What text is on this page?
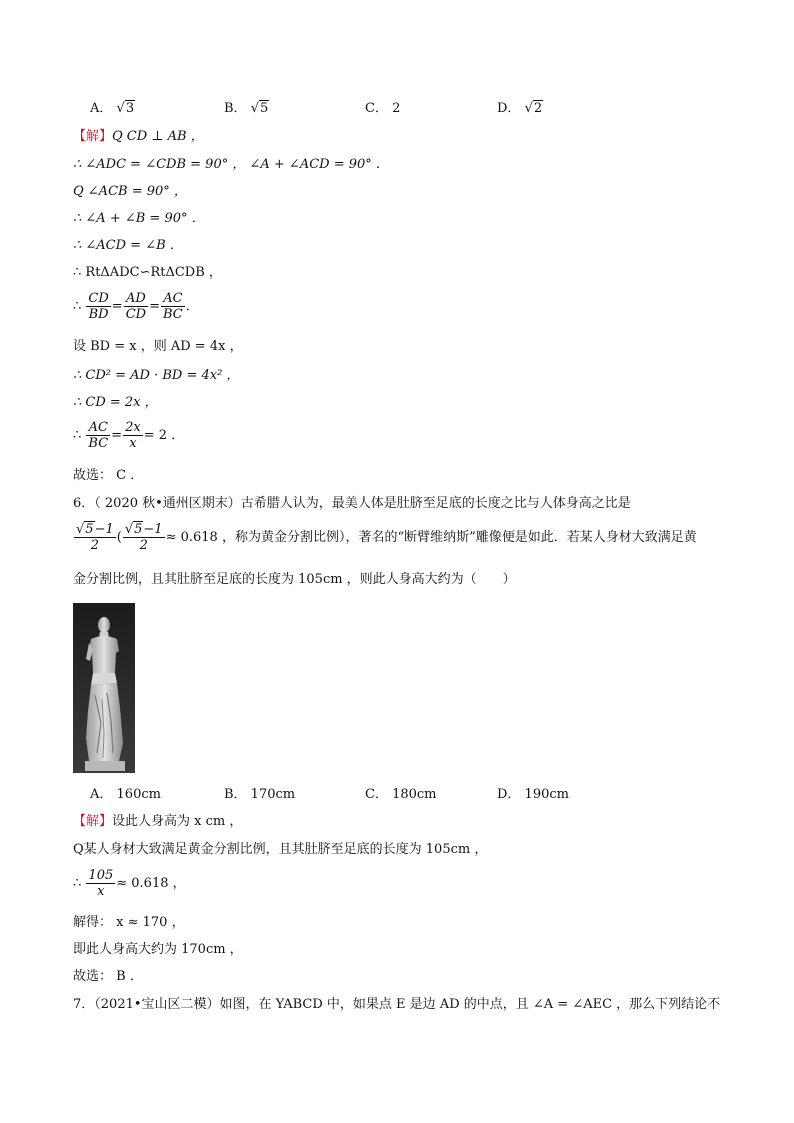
A． √3	B． √5	C． 2	D． √2
【解】Q CD ⊥ AB ，
∴ ∠ADC = ∠CDB = 90° ， ∠A + ∠ACD = 90° ．
Q ∠ACB = 90° ，
∴ ∠A + ∠B = 90° ．
∴ ∠ACD = ∠B ．
∴ RtΔADC∽RtΔCDB ，
∴ $\frac{CD}{BD} = \frac{AD}{CD} = \frac{AC}{BC}$ ．
设 BD = x ，则 AD = 4x ，
∴ CD² = AD · BD = 4x² ，
∴ CD = 2x ，
∴ $\frac{AC}{BC} = \frac{2x}{x} = 2$ ．
故选： C ．
6．（ 2020 秋•通州区期末）古希腊人认为，最美人体是肚脐至足底的长度之比与人体身高之比是
$\frac{√5-1}{2}$ ( $\frac{√5-1}{2} \approx 0.618$ ，称为黄金分割比例），著名的“断臂维纳斯”雕像便是如此．若某人身材大致满足黄
金分割比例，且其肚脐至足底的长度为 105cm ，则此人身高大约为（　　）
A． 160cm	B． 170cm	C． 180cm	D． 190cm
【解】设此人身高为 x cm ，
Q某人身材大致满足黄金分割比例，且其肚脐至足底的长度为 105cm ，
∴ $\frac{105}{x} \approx 0.618$ ，
解得： x ≈ 170 ，
即此人身高大约为 170cm ，
故选： B ．
7．（2021•宝山区二模）如图，在 YABCD 中，如果点 E 是边 AD 的中点，且 ∠A = ∠AEC ，那么下列结论不
